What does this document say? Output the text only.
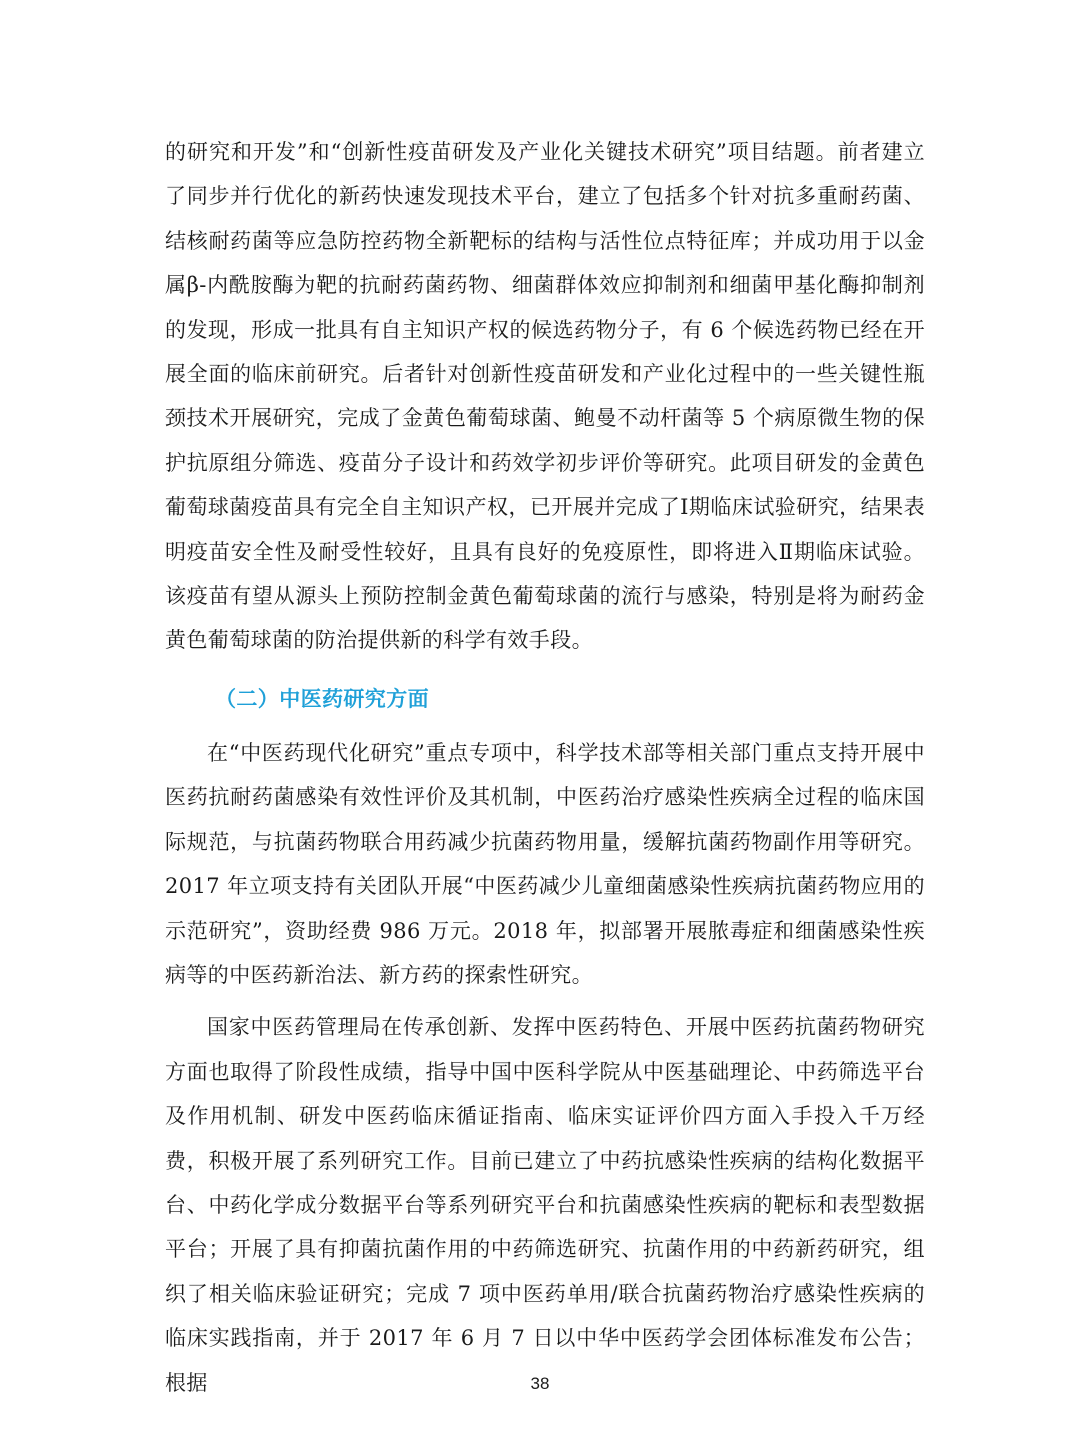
的研究和开发”和“创新性疫苗研发及产业化关键技术研究”项目结题。前者建立了同步并行优化的新药快速发现技术平台，建立了包括多个针对抗多重耐药菌、结核耐药菌等应急防控药物全新靶标的结构与活性位点特征库；并成功用于以金属β-内酰胺酶为靶的抗耐药菌药物、细菌群体效应抑制剂和细菌甲基化酶抑制剂的发现，形成一批具有自主知识产权的候选药物分子，有 6 个候选药物已经在开展全面的临床前研究。后者针对创新性疫苗研发和产业化过程中的一些关键性瓶颈技术开展研究，完成了金黄色葡萄球菌、鲍曼不动杆菌等 5 个病原微生物的保护抗原组分筛选、疫苗分子设计和药效学初步评价等研究。此项目研发的金黄色葡萄球菌疫苗具有完全自主知识产权，已开展并完成了Ⅰ期临床试验研究，结果表明疫苗安全性及耐受性较好，且具有良好的免疫原性，即将进入Ⅱ期临床试验。该疫苗有望从源头上预防控制金黄色葡萄球菌的流行与感染，特别是将为耐药金黄色葡萄球菌的防治提供新的科学有效手段。

（二）中医药研究方面

在“中医药现代化研究”重点专项中，科学技术部等相关部门重点支持开展中医药抗耐药菌感染有效性评价及其机制，中医药治疗感染性疾病全过程的临床国际规范，与抗菌药物联合用药减少抗菌药物用量，缓解抗菌药物副作用等研究。2017 年立项支持有关团队开展“中医药减少儿童细菌感染性疾病抗菌药物应用的示范研究”，资助经费 986 万元。2018 年，拟部署开展脓毒症和细菌感染性疾病等的中医药新治法、新方药的探索性研究。

国家中医药管理局在传承创新、发挥中医药特色、开展中医药抗菌药物研究方面也取得了阶段性成绩，指导中国中医科学院从中医基础理论、中药筛选平台及作用机制、研发中医药临床循证指南、临床实证评价四方面入手投入千万经费，积极开展了系列研究工作。目前已建立了中药抗感染性疾病的结构化数据平台、中药化学成分数据平台等系列研究平台和抗菌感染性疾病的靶标和表型数据平台；开展了具有抑菌抗菌作用的中药筛选研究、抗菌作用的中药新药研究，组织了相关临床验证研究；完成 7 项中医药单用/联合抗菌药物治疗感染性疾病的临床实践指南，并于 2017 年 6 月 7 日以中华中医药学会团体标准发布公告；根据	38
